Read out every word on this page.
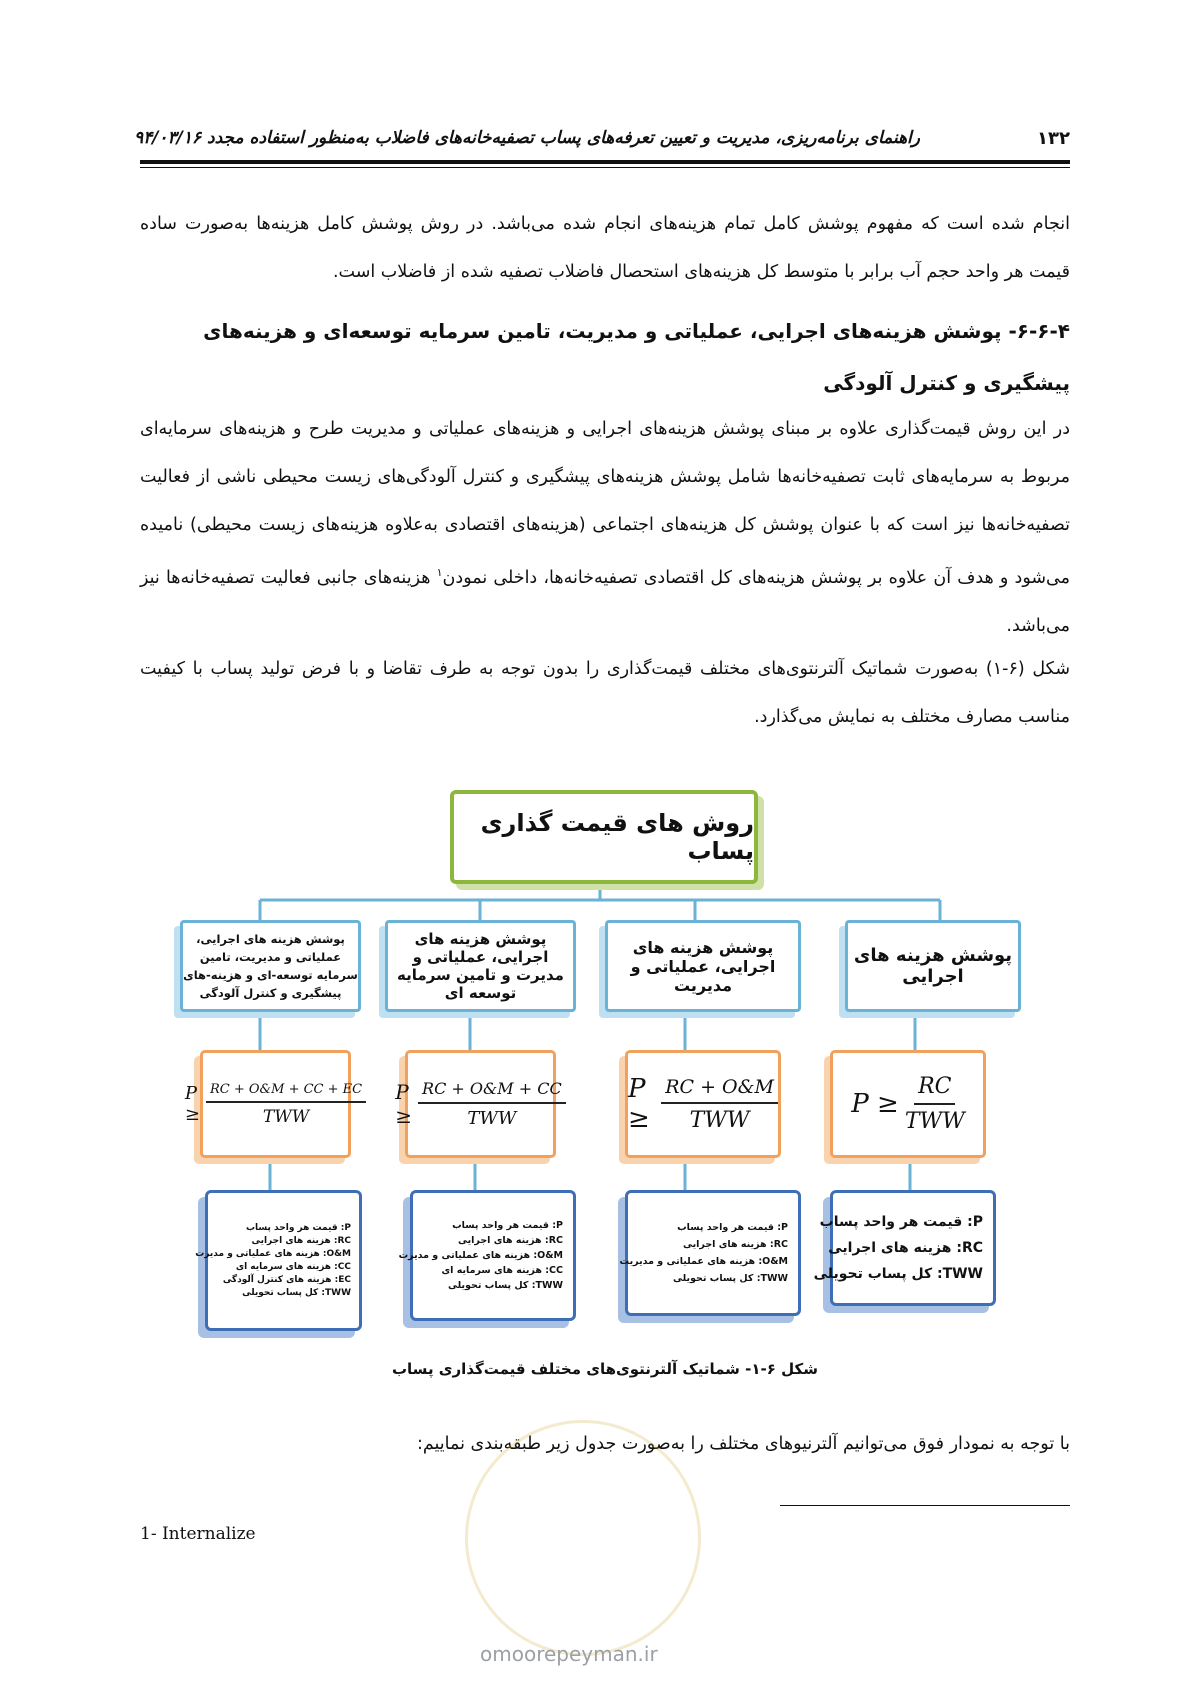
راهنمای برنامه‌ریزی، مدیریت و تعیین تعرفه‌های پساب تصفیه‌خانه‌های فاضلاب به‌منظور استفاده مجدد ۹۴/۰۳/۱۶	۱۳۲
انجام شده است که مفهوم پوشش کامل تمام هزینه‌های انجام شده می‌باشد. در روش پوشش کامل هزینه‌ها به‌صورت ساده قیمت هر واحد حجم آب برابر با متوسط کل هزینه‌های استحصال فاضلاب تصفیه شده از فاضلاب است.
۶-۶-۴- پوشش هزینه‌های اجرایی، عملیاتی و مدیریت، تامین سرمایه توسعه‌ای و هزینه‌های پیشگیری و کنترل آلودگی
در این روش قیمت‌گذاری علاوه بر مبنای پوشش هزینه‌های اجرایی و هزینه‌های عملیاتی و مدیریت طرح و هزینه‌های سرمایه‌ای مربوط به سرمایه‌های ثابت تصفیه‌خانه‌ها شامل پوشش هزینه‌های پیشگیری و کنترل آلودگی‌های زیست محیطی ناشی از فعالیت تصفیه‌خانه‌ها نیز است که با عنوان پوشش کل هزینه‌های اجتماعی (هزینه‌های اقتصادی به‌علاوه هزینه‌های زیست محیطی) نامیده می‌شود و هدف آن علاوه بر پوشش هزینه‌های کل اقتصادی تصفیه‌خانه‌ها، داخلی نمودن$^۱$ هزینه‌های جانبی فعالیت تصفیه‌خانه‌ها نیز می‌باشد.
شکل (۶-۱) به‌صورت شماتیک آلترنتوی‌های مختلف قیمت‌گذاری را بدون توجه به طرف تقاضا و با فرض تولید پساب با کیفیت مناسب مصارف مختلف به نمایش می‌گذارد.
روش های قیمت گذاری پساب
پوشش هزینه های اجرایی
پوشش هزینه های اجرایی، عملیاتی و مدیریت
پوشش هزینه های اجرایی، عملیاتی و مدیرت و تامین سرمایه توسعه ای
پوشش هزینه های اجرایی، عملیاتی و مدیریت، تامین سرمایه توسعه-ای و هزینه-های پیشگیری و کنترل آلودگی
$P \ge \frac{RC}{\text{TWW}}$
$P \ge \frac{RC + O\&M}{\text{TWW}}$
$P \ge \frac{RC + O\&M + CC}{\text{TWW}}$
$P \ge \frac{RC + O\&M + CC + EC}{\text{TWW}}$
P: قیمت هر واحد پساب
RC: هزینه های اجرایی
TWW: کل پساب تحویلی
P: قیمت هر واحد پساب
RC: هزینه های اجرایی
O&M: هزینه های عملیاتی و مدیریت
TWW: کل پساب تحویلی
P: قیمت هر واحد پساب
RC: هزینه های اجرایی
O&M: هزینه های عملیاتی و مدیرت
CC: هزینه های سرمایه ای
TWW: کل پساب تحویلی
P: قیمت هر واحد پساب
RC: هزینه های اجرایی
O&M: هزینه های عملیاتی و مدیرت
CC: هزینه های سرمایه ای
EC: هزینه های کنترل آلودگی
TWW: کل پساب تحویلی
شکل ۶-۱- شماتیک آلترنتوی‌های مختلف قیمت‌گذاری پساب
با توجه به نمودار فوق می‌توانیم آلترنیوهای مختلف را به‌صورت جدول زیر طبقه‌بندی نماییم:
1- Internalize
omoorepeyman.ir
